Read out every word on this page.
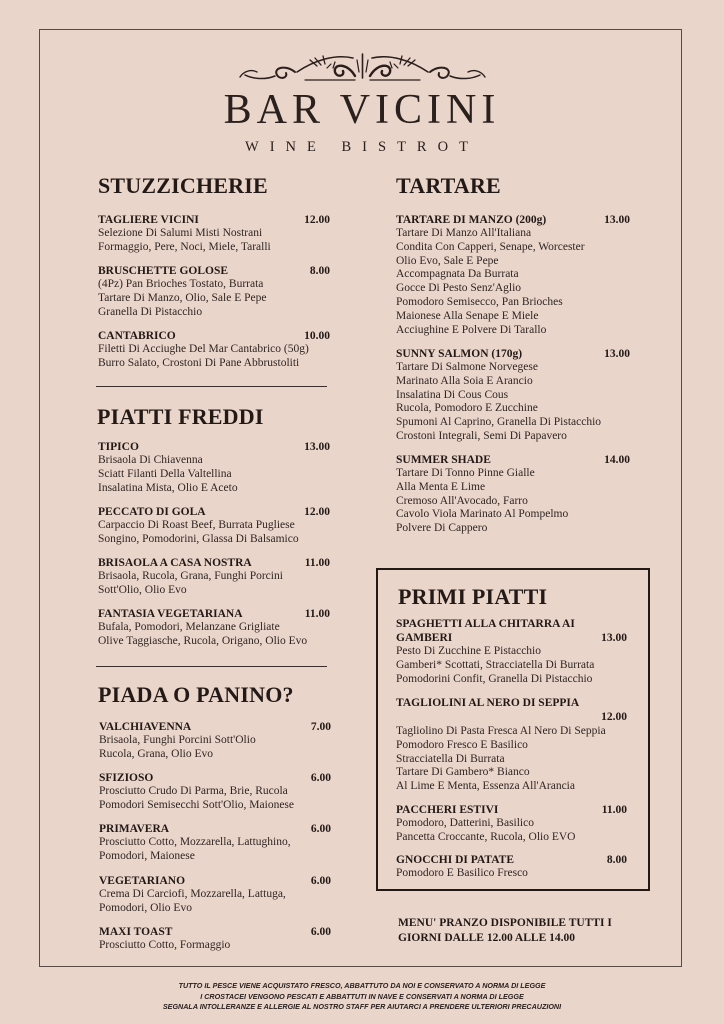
BAR VICINI
WINE BISTROT
STUZZICHERIE
TAGLIERE VICINI	12.00
Selezione Di Salumi Misti Nostrani
Formaggio, Pere, Noci, Miele, Taralli
BRUSCHETTE GOLOSE	8.00
(4Pz) Pan Brioches Tostato, Burrata
Tartare Di Manzo, Olio, Sale E Pepe
Granella Di Pistacchio
CANTABRICO	10.00
Filetti Di Acciughe Del Mar Cantabrico (50g)
Burro Salato, Crostoni Di Pane Abbrustoliti
PIATTI FREDDI
TIPICO	13.00
Brisaola Di Chiavenna
Sciatt Filanti Della Valtellina
Insalatina Mista, Olio E Aceto
PECCATO DI GOLA	12.00
Carpaccio Di Roast Beef, Burrata Pugliese
Songino, Pomodorini, Glassa Di Balsamico
BRISAOLA A CASA NOSTRA	11.00
Brisaola, Rucola, Grana, Funghi Porcini
Sott'Olio, Olio Evo
FANTASIA VEGETARIANA	11.00
Bufala, Pomodori, Melanzane Grigliate
Olive Taggiasche, Rucola, Origano, Olio Evo
PIADA O PANINO?
VALCHIAVENNA	7.00
Brisaola, Funghi Porcini Sott'Olio
Rucola, Grana, Olio Evo
SFIZIOSO	6.00
Prosciutto Crudo Di Parma, Brie, Rucola
Pomodori Semisecchi Sott'Olio, Maionese
PRIMAVERA	6.00
Prosciutto Cotto, Mozzarella, Lattughino,
Pomodori, Maionese
VEGETARIANO	6.00
Crema Di Carciofi, Mozzarella, Lattuga,
Pomodori, Olio Evo
MAXI TOAST	6.00
Prosciutto Cotto, Formaggio
TARTARE
TARTARE DI MANZO (200g)	13.00
Tartare Di Manzo All'Italiana
Condita Con Capperi, Senape, Worcester
Olio Evo, Sale E Pepe
Accompagnata Da Burrata
Gocce Di Pesto Senz'Aglio
Pomodoro Semisecco, Pan Brioches
Maionese Alla Senape E Miele
Acciughine E Polvere Di Tarallo
SUNNY SALMON (170g)	13.00
Tartare Di Salmone Norvegese
Marinato Alla Soia E Arancio
Insalatina Di Cous Cous
Rucola, Pomodoro E Zucchine
Spumoni Al Caprino, Granella Di Pistacchio
Crostoni Integrali, Semi Di Papavero
SUMMER SHADE	14.00
Tartare Di Tonno Pinne Gialle
Alla Menta E Lime
Cremoso All'Avocado, Farro
Cavolo Viola Marinato Al Pompelmo
Polvere Di Cappero
PRIMI PIATTI
SPAGHETTI ALLA CHITARRA AI
GAMBERI	13.00
Pesto Di Zucchine E Pistacchio
Gamberi* Scottati, Stracciatella Di Burrata
Pomodorini Confit, Granella Di Pistacchio
TAGLIOLINI AL NERO DI SEPPIA
12.00
Tagliolino Di Pasta Fresca Al Nero Di Seppia
Pomodoro Fresco E Basilico
Stracciatella Di Burrata
Tartare Di Gambero* Bianco
Al Lime E Menta, Essenza All'Arancia
PACCHERI ESTIVI	11.00
Pomodoro, Datterini, Basilico
Pancetta Croccante, Rucola, Olio EVO
GNOCCHI DI PATATE	8.00
Pomodoro E Basilico Fresco
MENU' PRANZO DISPONIBILE TUTTI I
GIORNI DALLE 12.00 ALLE 14.00
TUTTO IL PESCE VIENE ACQUISTATO FRESCO, ABBATTUTO DA NOI E CONSERVATO A NORMA DI LEGGE
I CROSTACEI VENGONO PESCATI E ABBATTUTI IN NAVE E CONSERVATI A NORMA DI LEGGE
SEGNALA INTOLLERANZE E ALLERGIE AL NOSTRO STAFF PER AIUTARCI A PRENDERE ULTERIORI PRECAUZIONI
